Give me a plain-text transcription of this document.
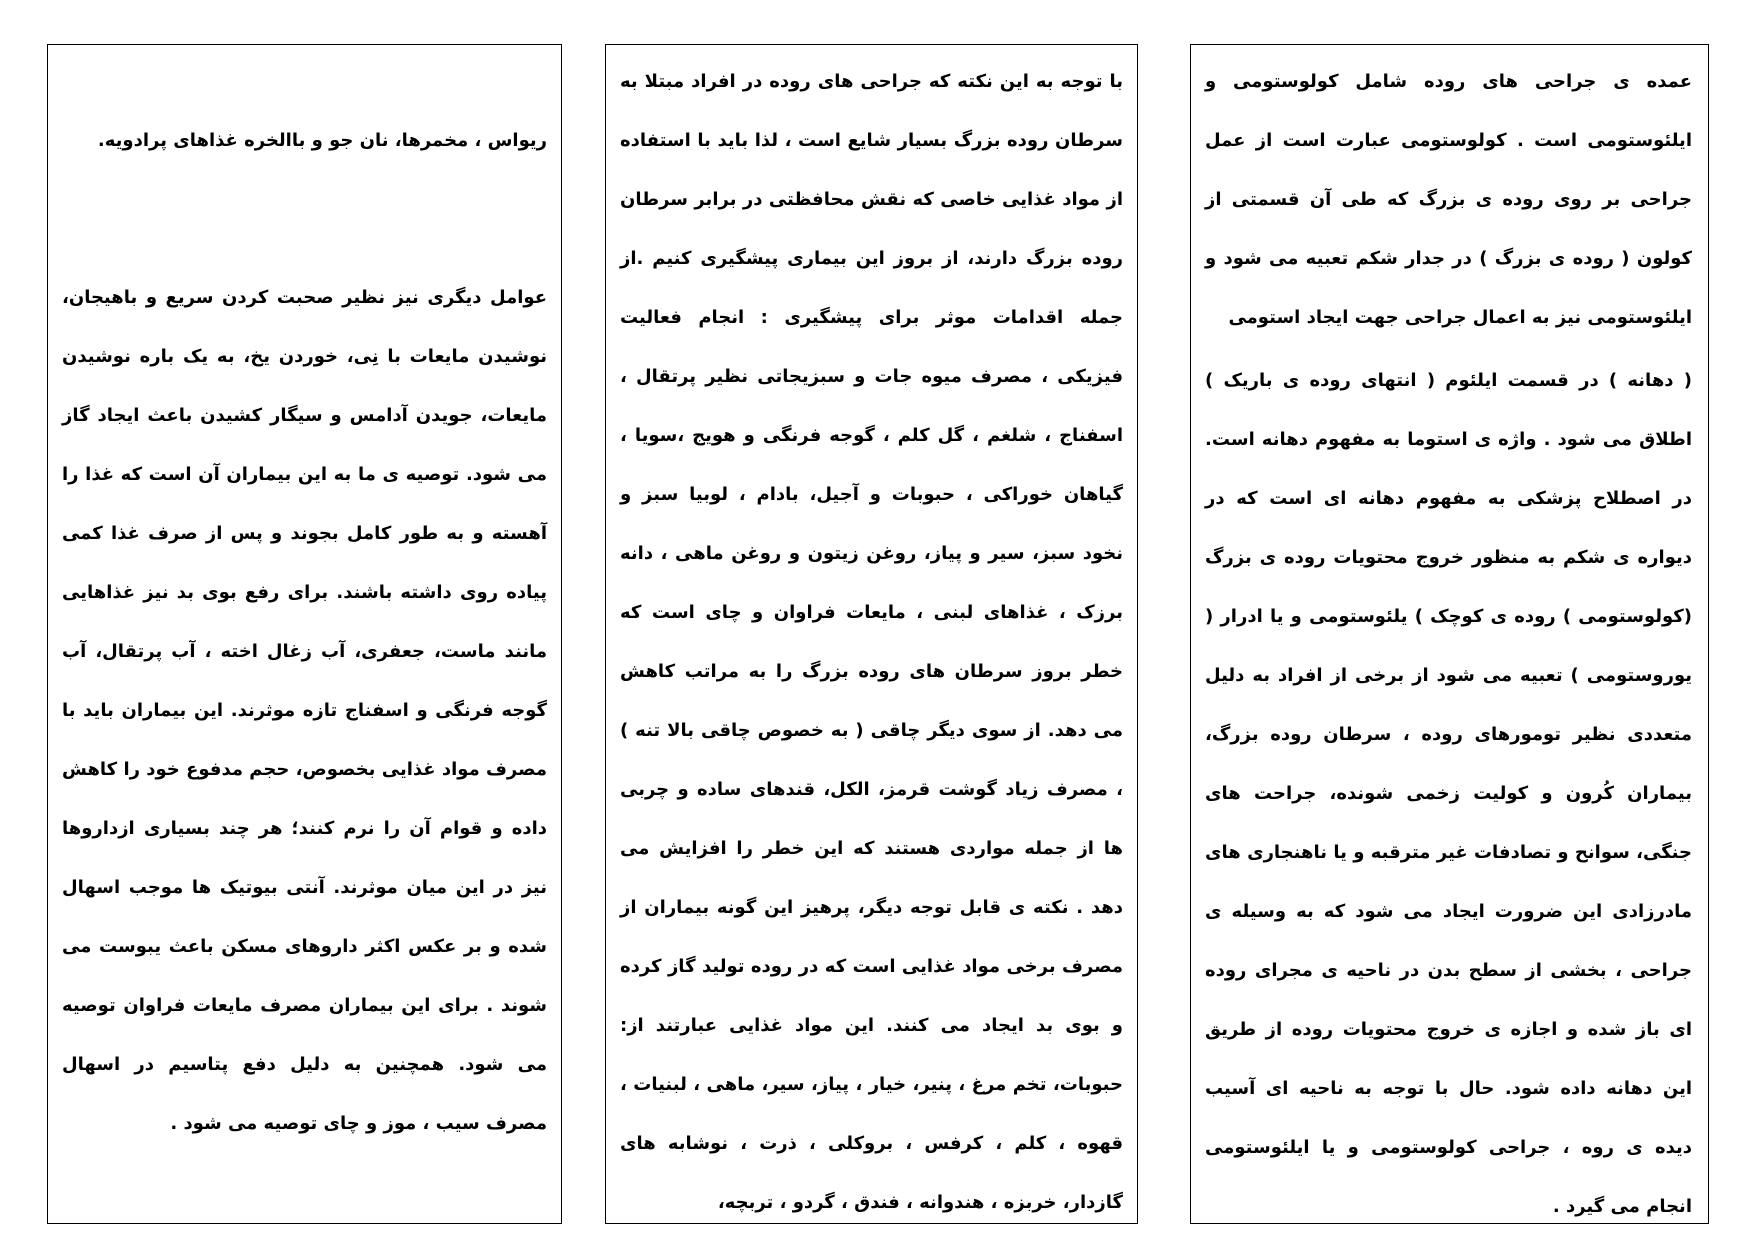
عمده ی جراحی های روده شامل کولوستومی و ایلئوستومی است . کولوستومی عبارت است از عمل جراحی بر روی روده ی بزرگ که طی آن قسمتی از کولون ( روده ی بزرگ ) در جدار شکم تعبیه می شود و ایلئوستومی نیز به اعمال جراحی جهت ایجاد استومی

( دهانه ) در قسمت ایلئوم ( انتهای روده ی باریک ) اطلاق می شود . واژه ی استوما به مفهوم دهانه است. در اصطلاح پزشکی به مفهوم دهانه ای است که در دیواره ی شکم به منظور خروج محتویات روده ی بزرگ (کولوستومی ) روده ی کوچک ) یلئوستومی و یا ادرار ( یوروستومی ) تعبیه می شود از برخی از افراد به دلیل متعددی نظیر تومورهای روده ، سرطان روده بزرگ، بیماران کُرون و کولیت زخمی شونده، جراحت های جنگی، سوانح و تصادفات غیر مترقبه و یا ناهنجاری های مادرزادی این ضرورت ایجاد می شود که به وسیله ی جراحی ، بخشی از سطح بدن در ناحیه ی مجرای روده ای باز شده و اجازه ی خروج محتویات روده از طریق این دهانه داده شود. حال با توجه به ناحیه ای آسیب دیده ی روه ، جراحی کولوستومی و یا ایلئوستومی انجام می گیرد .

با توجه به این نکته که جراحی های روده در افراد مبتلا به سرطان روده بزرگ بسیار شایع است ، لذا باید با استفاده از مواد غذایی خاصی که نقش محافظتی در برابر سرطان روده بزرگ دارند، از بروز این بیماری پیشگیری کنیم .از جمله اقدامات موثر برای پیشگیری : انجام فعالیت فیزیکی ، مصرف میوه جات و سبزیجاتی نظیر پرتقال ، اسفناج ، شلغم ، گل کلم ، گوجه فرنگی و هویج ،سویا ، گیاهان خوراکی ، حبوبات و آجیل، بادام ، لوبیا سبز و نخود سبز، سیر و پیاز، روغن زیتون و روغن ماهی ، دانه برزک ، غذاهای لبنی ، مایعات فراوان و چای است که خطر بروز سرطان های روده بزرگ را به مراتب کاهش می دهد. از سوی دیگر چاقی ( به خصوص چاقی بالا تنه ) ، مصرف زیاد گوشت قرمز، الکل، قندهای ساده و چربی ها از جمله مواردی هستند که این خطر را افزایش می دهد . نکته ی قابل توجه دیگر، پرهیز این گونه بیماران از مصرف برخی مواد غذایی است که در روده تولید گاز کرده و بوی بد ایجاد می کنند. این مواد غذایی عبارتند از: حبوبات، تخم مرغ ، پنیر، خیار ، پیاز، سیر، ماهی ، لبنیات ، قهوه ، کلم ، کرفس ، بروکلی ، ذرت ، نوشابه های گازدار، خربزه ، هندوانه ، فندق ، گردو ، تربچه،

ریواس ، مخمرها، نان جو و باالخره غذاهای پرادویه.

عوامل دیگری نیز نظیر صحبت کردن سریع و باهیجان، نوشیدن مایعات با نِی، خوردن یخ، به یک باره نوشیدن مایعات، جویدن آدامس و سیگار کشیدن باعث ایجاد گاز می شود. توصیه ی ما به این بیماران آن است که غذا را آهسته و به طور کامل بجوند و پس از صرف غذا کمی پیاده روی داشته باشند. برای رفع بوی بد نیز غذاهایی مانند ماست، جعفری، آب زغال اخته ، آب پرتقال، آب گوجه فرنگی و اسفناج تازه موثرند. این بیماران باید با مصرف مواد غذایی بخصوص، حجم مدفوع خود را کاهش داده و قوام آن را نرم کنند؛ هر چند بسیاری ازداروها نیز در این میان موثرند. آنتی بیوتیک ها موجب اسهال شده و بر عکس اکثر داروهای مسکن باعث یبوست می شوند . برای این بیماران مصرف مایعات فراوان توصیه می شود. همچنین به دلیل دفع پتاسیم در اسهال مصرف سیب ، موز و چای توصیه می شود .
